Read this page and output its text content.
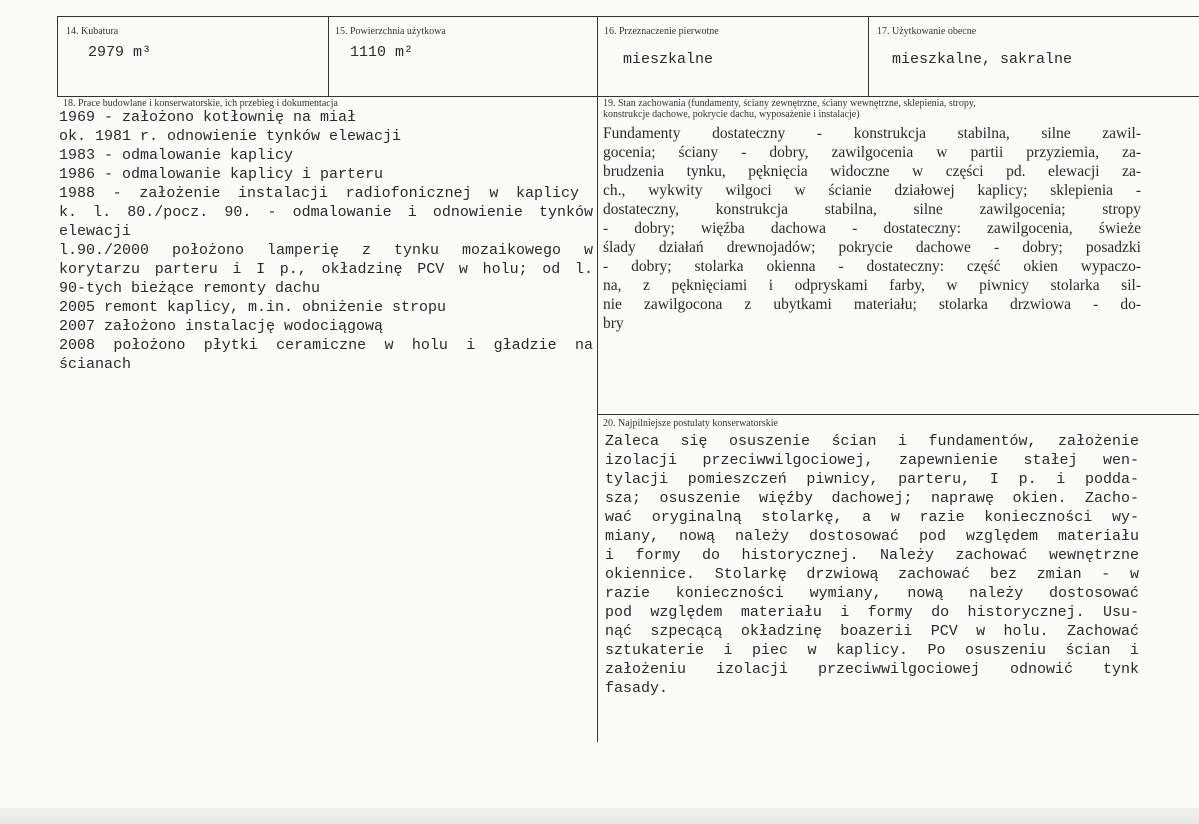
14. Kubatura
2979 m³
15. Powierzchnia użytkowa
1110 m²
16. Przeznaczenie pierwotne
mieszkalne
17. Użytkowanie obecne
mieszkalne, sakralne
18. Prace budowlane i konserwatorskie, ich przebieg i dokumentacja
1969 - założono kotłownię na miał
ok. 1981 r. odnowienie tynków elewacji
1983 - odmalowanie kaplicy
1986 - odmalowanie kaplicy i parteru
1988 - założenie instalacji radiofonicznej w kaplicy
k. l. 80./pocz. 90. - odmalowanie i odnowienie tynków
elewacji
l.90./2000 położono lamperię z tynku mozaikowego w
korytarzu parteru i I p., okładzinę PCV w holu; od l.
90-tych bieżące remonty dachu
2005 remont kaplicy, m.in. obniżenie stropu
2007 założono instalację wodociągową
2008 położono płytki ceramiczne w holu i gładzie na
ścianach
19. Stan zachowania (fundamenty, ściany zewnętrzne, ściany wewnętrzne, sklepienia, stropy,
konstrukcje dachowe, pokrycie dachu, wyposażenie i instalacje)
Fundamenty dostateczny - konstrukcja stabilna, silne zawil-
gocenia; ściany - dobry, zawilgocenia w partii przyziemia, za-
brudzenia tynku, pęknięcia widoczne w części pd. elewacji za-
ch., wykwity wilgoci w ścianie działowej kaplicy; sklepienia -
dostateczny, konstrukcja stabilna, silne zawilgocenia; stropy
- dobry; więźba dachowa - dostateczny: zawilgocenia, świeże
ślady działań drewnojadów; pokrycie dachowe - dobry; posadzki
- dobry; stolarka okienna - dostateczny: część okien wypaczo-
na, z pęknięciami i odpryskami farby, w piwnicy stolarka sil-
nie zawilgocona z ubytkami materiału; stolarka drzwiowa - do-
bry
20. Najpilniejsze postulaty konserwatorskie
Zaleca się osuszenie ścian i fundamentów, założenie
izolacji przeciwwilgociowej, zapewnienie stałej wen-
tylacji pomieszczeń piwnicy, parteru, I p. i podda-
sza; osuszenie więźby dachowej; naprawę okien. Zacho-
wać oryginalną stolarkę, a w razie konieczności wy-
miany, nową należy dostosować pod względem materiału
i formy do historycznej. Należy zachować wewnętrzne
okiennice. Stolarkę drzwiową zachować bez zmian - w
razie konieczności wymiany, nową należy dostosować
pod względem materiału i formy do historycznej. Usu-
nąć szpecącą okładzinę boazerii PCV w holu. Zachować
sztukaterie i piec w kaplicy. Po osuszeniu ścian i
założeniu izolacji przeciwwilgociowej odnowić tynk
fasady.
